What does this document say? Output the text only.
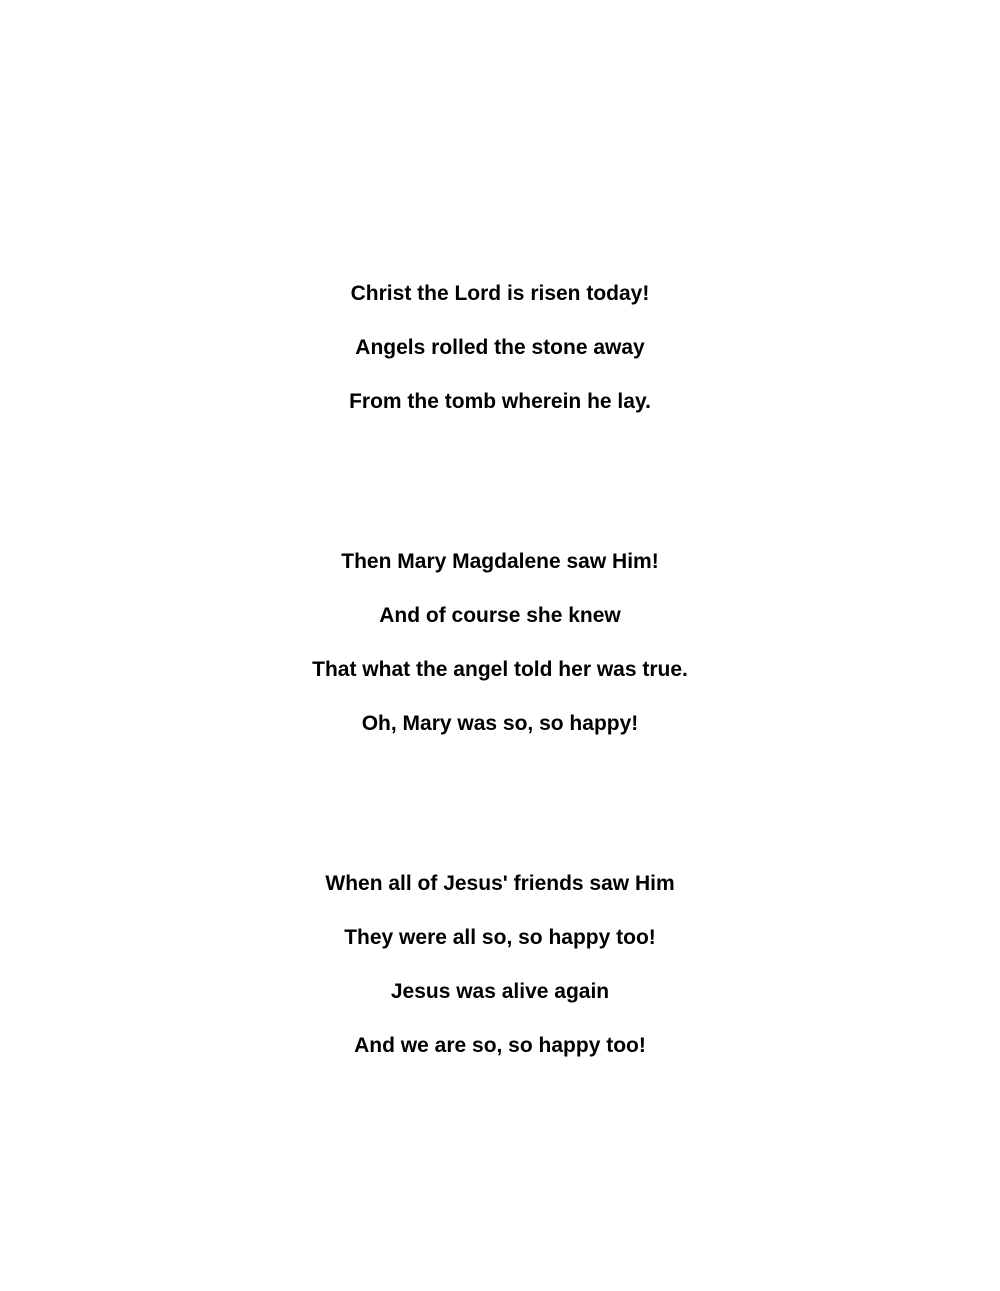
Christ the Lord is risen today!
Angels rolled the stone away
From the tomb wherein he lay.
Then Mary Magdalene saw Him!
And of course she knew
That what the angel told her was true.
Oh, Mary was so, so happy!
When all of Jesus' friends saw Him
They were all so, so happy too!
Jesus was alive again
And we are so, so happy too!
